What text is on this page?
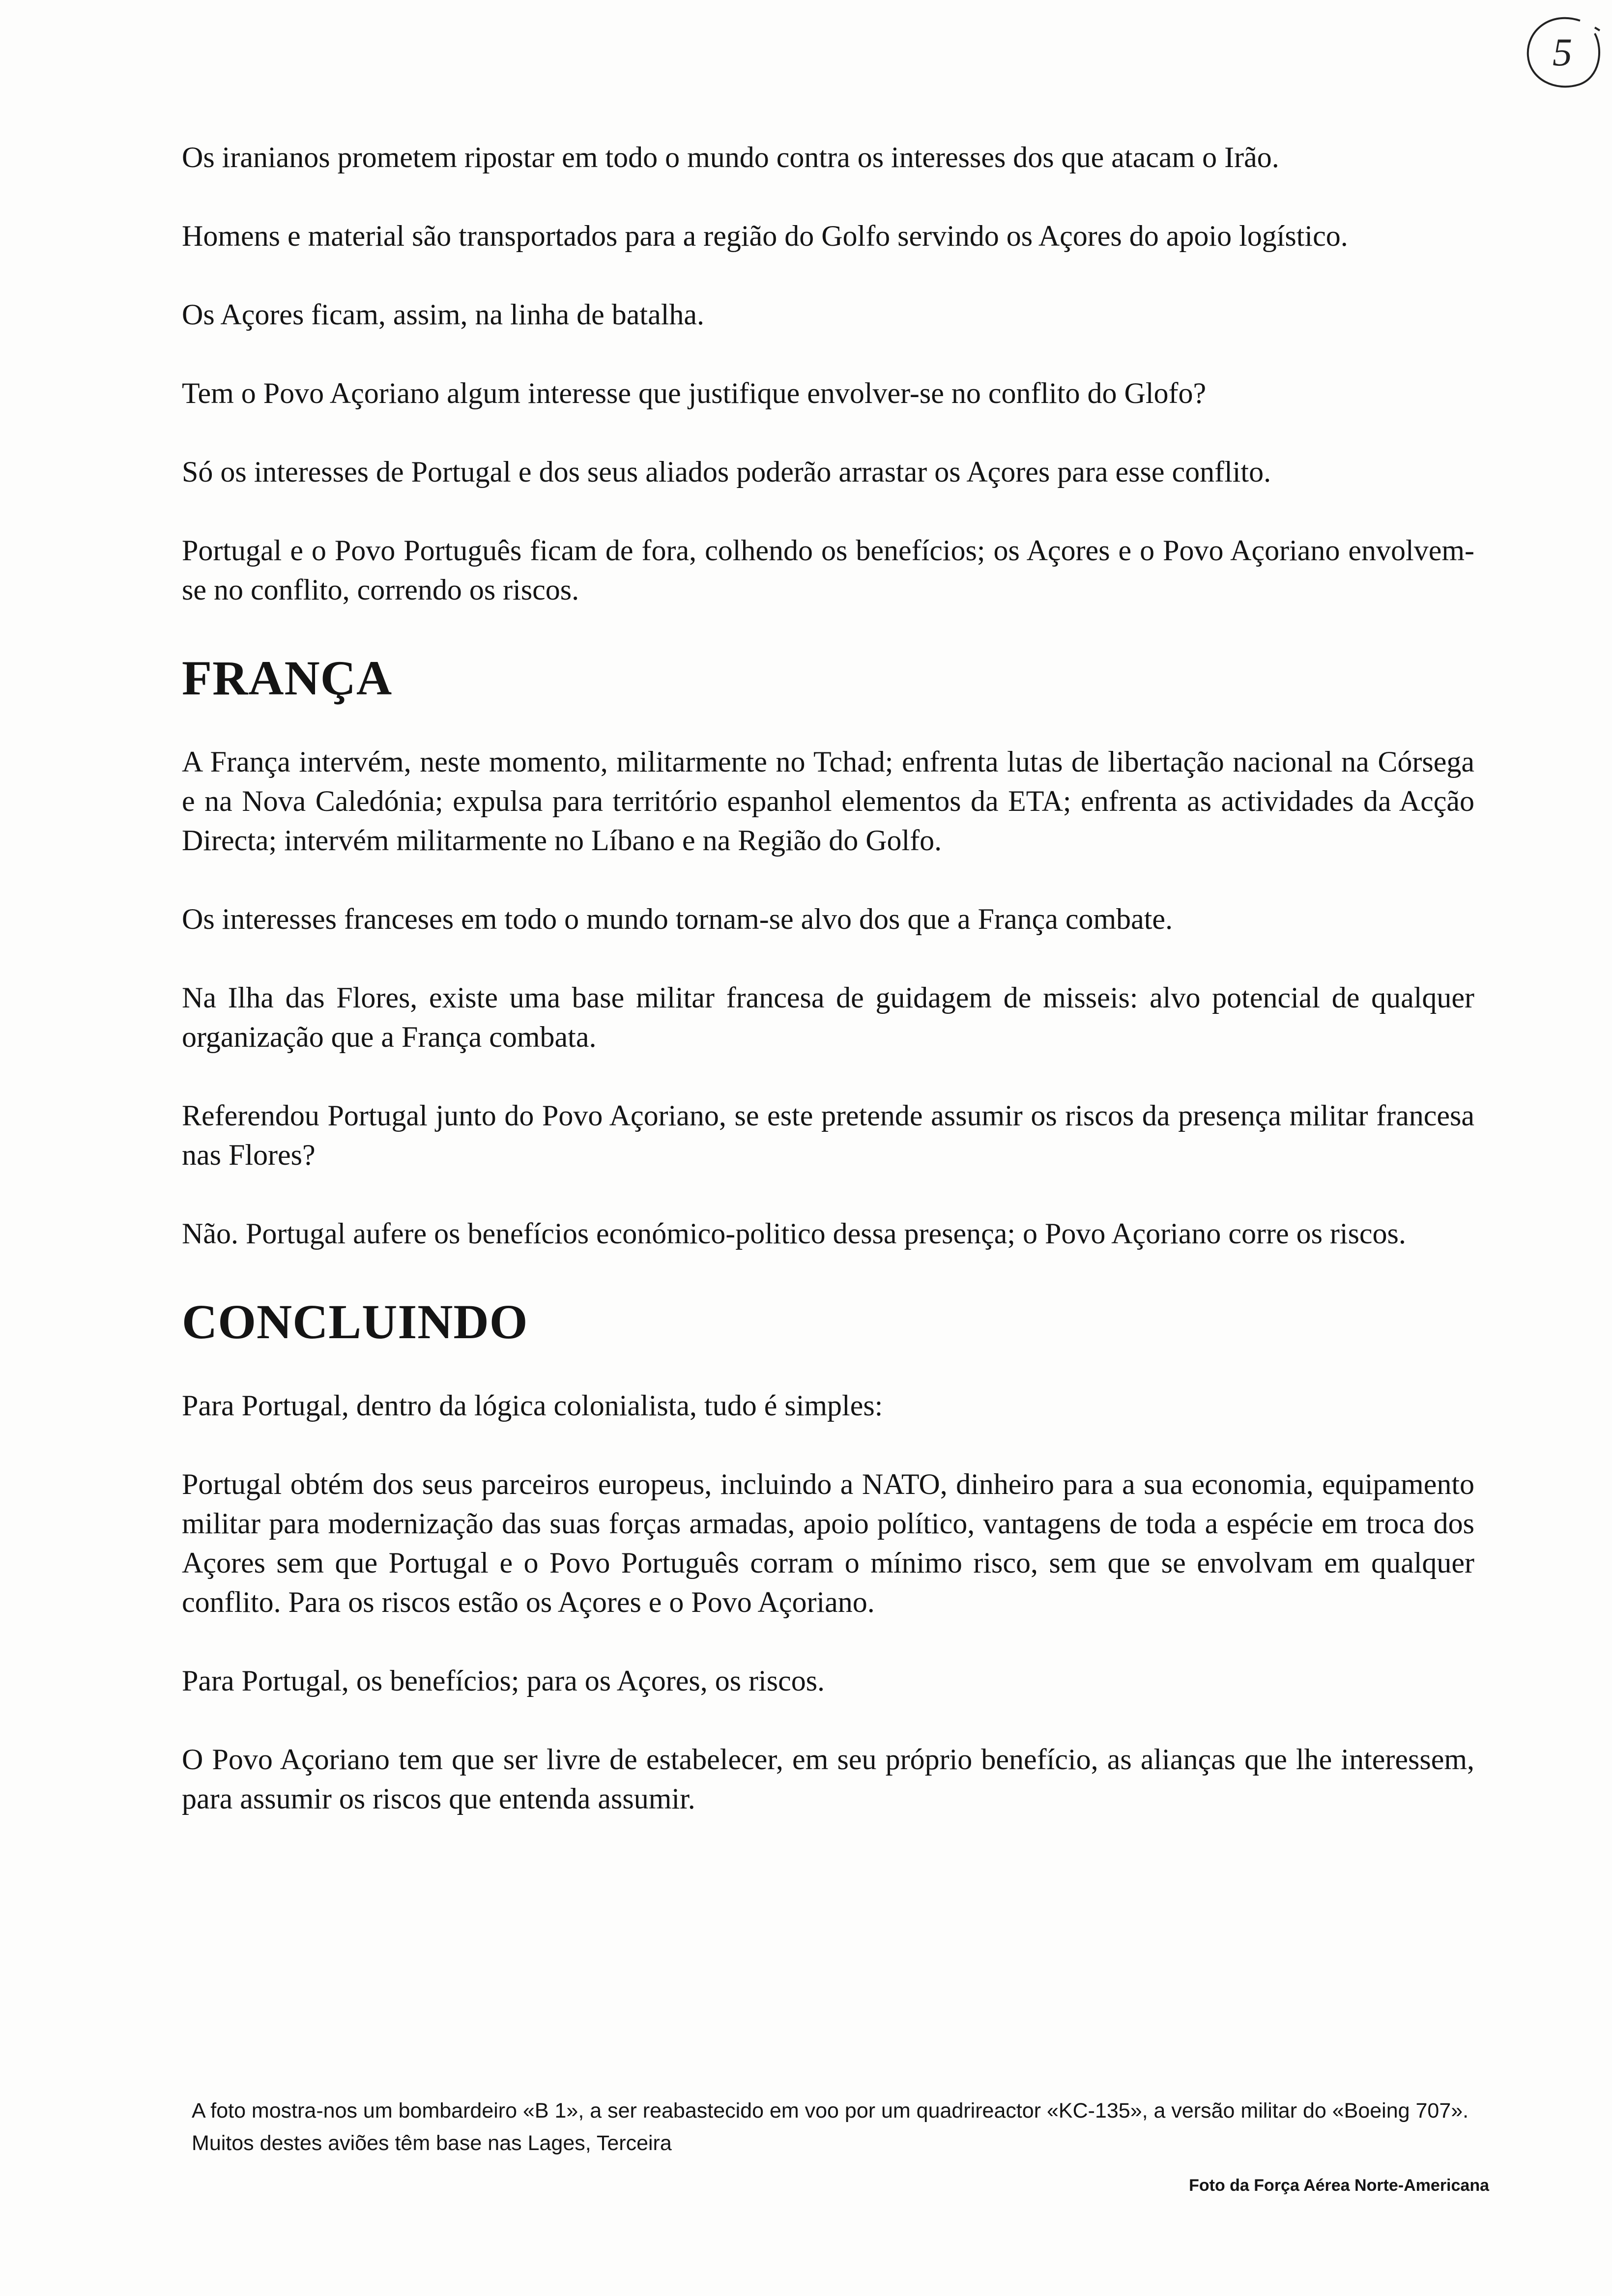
5

Os iranianos prometem ripostar em todo o mundo contra os interesses dos que atacam o Irão.

Homens e material são transportados para a região do Golfo servindo os Açores do apoio logístico.

Os Açores ficam, assim, na linha de batalha.

Tem o Povo Açoriano algum interesse que justifique envolver-se no conflito do Glofo?

Só os interesses de Portugal e dos seus aliados poderão arrastar os Açores para esse conflito.

Portugal e o Povo Português ficam de fora, colhendo os benefícios; os Açores e o Povo Açoriano envolvem-se no conflito, correndo os riscos.

FRANÇA

A França intervém, neste momento, militarmente no Tchad; enfrenta lutas de libertação nacional na Córsega e na Nova Caledónia; expulsa para território espanhol elementos da ETA; enfrenta as actividades da Acção Directa; intervém militarmente no Líbano e na Região do Golfo.

Os interesses franceses em todo o mundo tornam-se alvo dos que a França combate.

Na Ilha das Flores, existe uma base militar francesa de guidagem de misseis: alvo potencial de qualquer organização que a França combata.

Referendou Portugal junto do Povo Açoriano, se este pretende assumir os riscos da presença militar francesa nas Flores?

Não. Portugal aufere os benefícios económico-politico dessa presença; o Povo Açoriano corre os riscos.

CONCLUINDO

Para Portugal, dentro da lógica colonialista, tudo é simples:

Portugal obtém dos seus parceiros europeus, incluindo a NATO, dinheiro para a sua economia, equipamento militar para modernização das suas forças armadas, apoio político, vantagens de toda a espécie em troca dos Açores sem que Portugal e o Povo Português corram o mínimo risco, sem que se envolvam em qualquer conflito. Para os riscos estão os Açores e o Povo Açoriano.

Para Portugal, os benefícios; para os Açores, os riscos.

O Povo Açoriano tem que ser livre de estabelecer, em seu próprio benefício, as alianças que lhe interessem, para assumir os riscos que entenda assumir.

A foto mostra-nos um bombardeiro «B 1», a ser reabastecido em voo por um quadrireactor «KC-135», a versão militar do «Boeing 707». Muitos destes aviões têm base nas Lages, Terceira
Foto da Força Aérea Norte-Americana
